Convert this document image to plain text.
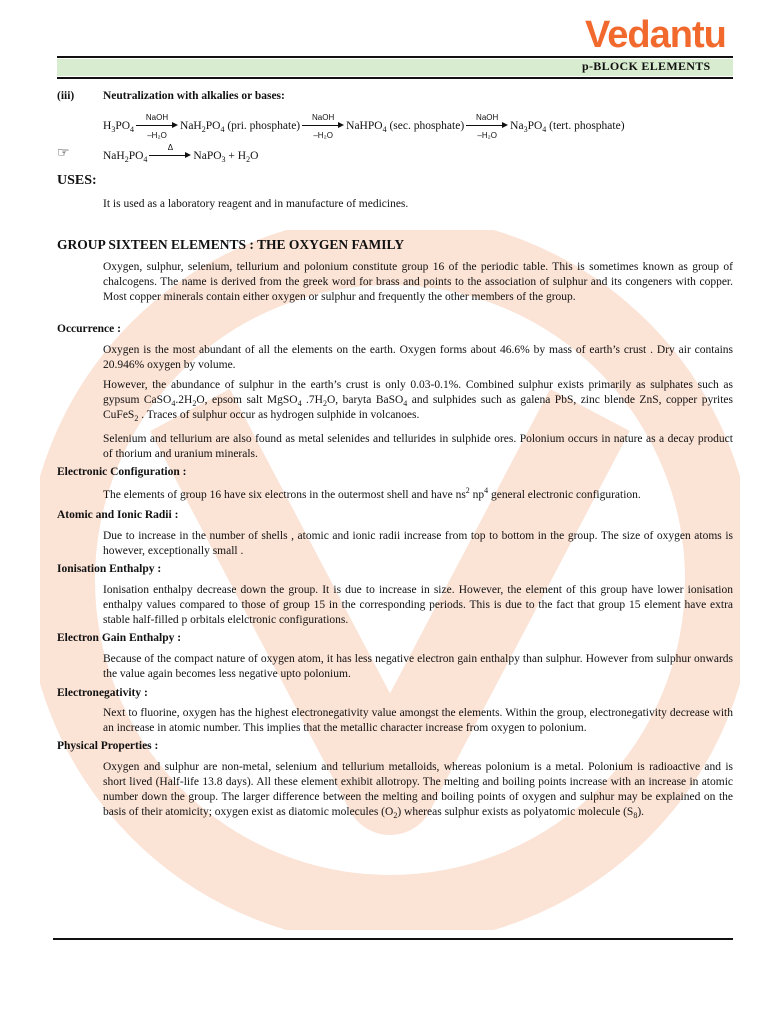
Vedantu
p-BLOCK ELEMENTS
(iii)	Neutralization with alkalies or bases:
$H_3PO_4$
NaOH
–H₂O
$NaH_2PO_4$ (pri. phosphate)
NaOH
–H₂O
NaHPO$_4$ (sec. phosphate)
NaOH
–H₂O
$Na_3PO_4$ (tert. phosphate)
☞	$NaH_2PO_4$
Δ
NaPO$_3$ + $H_2O$
USES:
It is used as a laboratory reagent and in manufacture of medicines.
GROUP SIXTEEN ELEMENTS : THE OXYGEN FAMILY
Oxygen, sulphur, selenium, tellurium and polonium constitute group 16 of the periodic table. This is sometimes known as group of chalcogens. The name is derived from the greek word for brass and points to the association of sulphur and its congeners with copper. Most copper minerals contain either oxygen or sulphur and frequently the other members of the group.
Occurrence :
Oxygen is the most abundant of all the elements on the earth. Oxygen forms about 46.6% by mass of earth’s crust . Dry air contains 20.946% oxygen by volume.
However, the abundance of sulphur in the earth’s crust is only 0.03-0.1%. Combined sulphur exists primarily as sulphates such as gypsum $CaSO_4.2H_2O$, epsom salt MgSO$_4$ $.7H_2O$, baryta BaSO$_4$ and sulphides such as galena PbS, zinc blende ZnS, copper pyrites CuFeS$_2$ . Traces of sulphur occur as hydrogen sulphide in volcanoes.
Selenium and tellurium are also found as metal selenides and tellurides in sulphide ores. Polonium occurs in nature as a decay product of thorium and uranium minerals.
Electronic Configuration :
The elements of group 16 have six electrons in the outermost shell and have $ns^2$ $np^4$ general electronic configuration.
Atomic and Ionic Radii :
Due to increase in the number of shells , atomic and ionic radii increase from top to bottom in the group. The size of oxygen atoms is however, exceptionally small .
Ionisation Enthalpy :
Ionisation enthalpy decrease down the group. It is due to increase in size. However, the element of this group have lower ionisation enthalpy values compared to those of group 15 in the corresponding periods. This is due to the fact that group 15 element have extra stable half-filled p orbitals elelctronic configurations.
Electron Gain Enthalpy :
Because of the compact nature of oxygen atom, it has less negative electron gain enthalpy than sulphur. However from sulphur onwards the value again becomes less negative upto polonium.
Electronegativity :
Next to fluorine, oxygen has the highest electronegativity value amongst the elements. Within the group, electronegativity decrease with an increase in atomic number. This implies that the metallic character increase from oxygen to polonium.
Physical Properties :
Oxygen and sulphur are non-metal, selenium and tellurium metalloids, whereas polonium is a metal. Polonium is radioactive and is short lived (Half-life 13.8 days). All these element exhibit allotropy. The melting and boiling points increase with an increase in atomic number down the group. The larger difference between the melting and boiling points of oxygen and sulphur may be explained on the basis of their atomicity; oxygen exist as diatomic molecules $(O_2)$ whereas sulphur exists as polyatomic molecule $(S_8)$.
